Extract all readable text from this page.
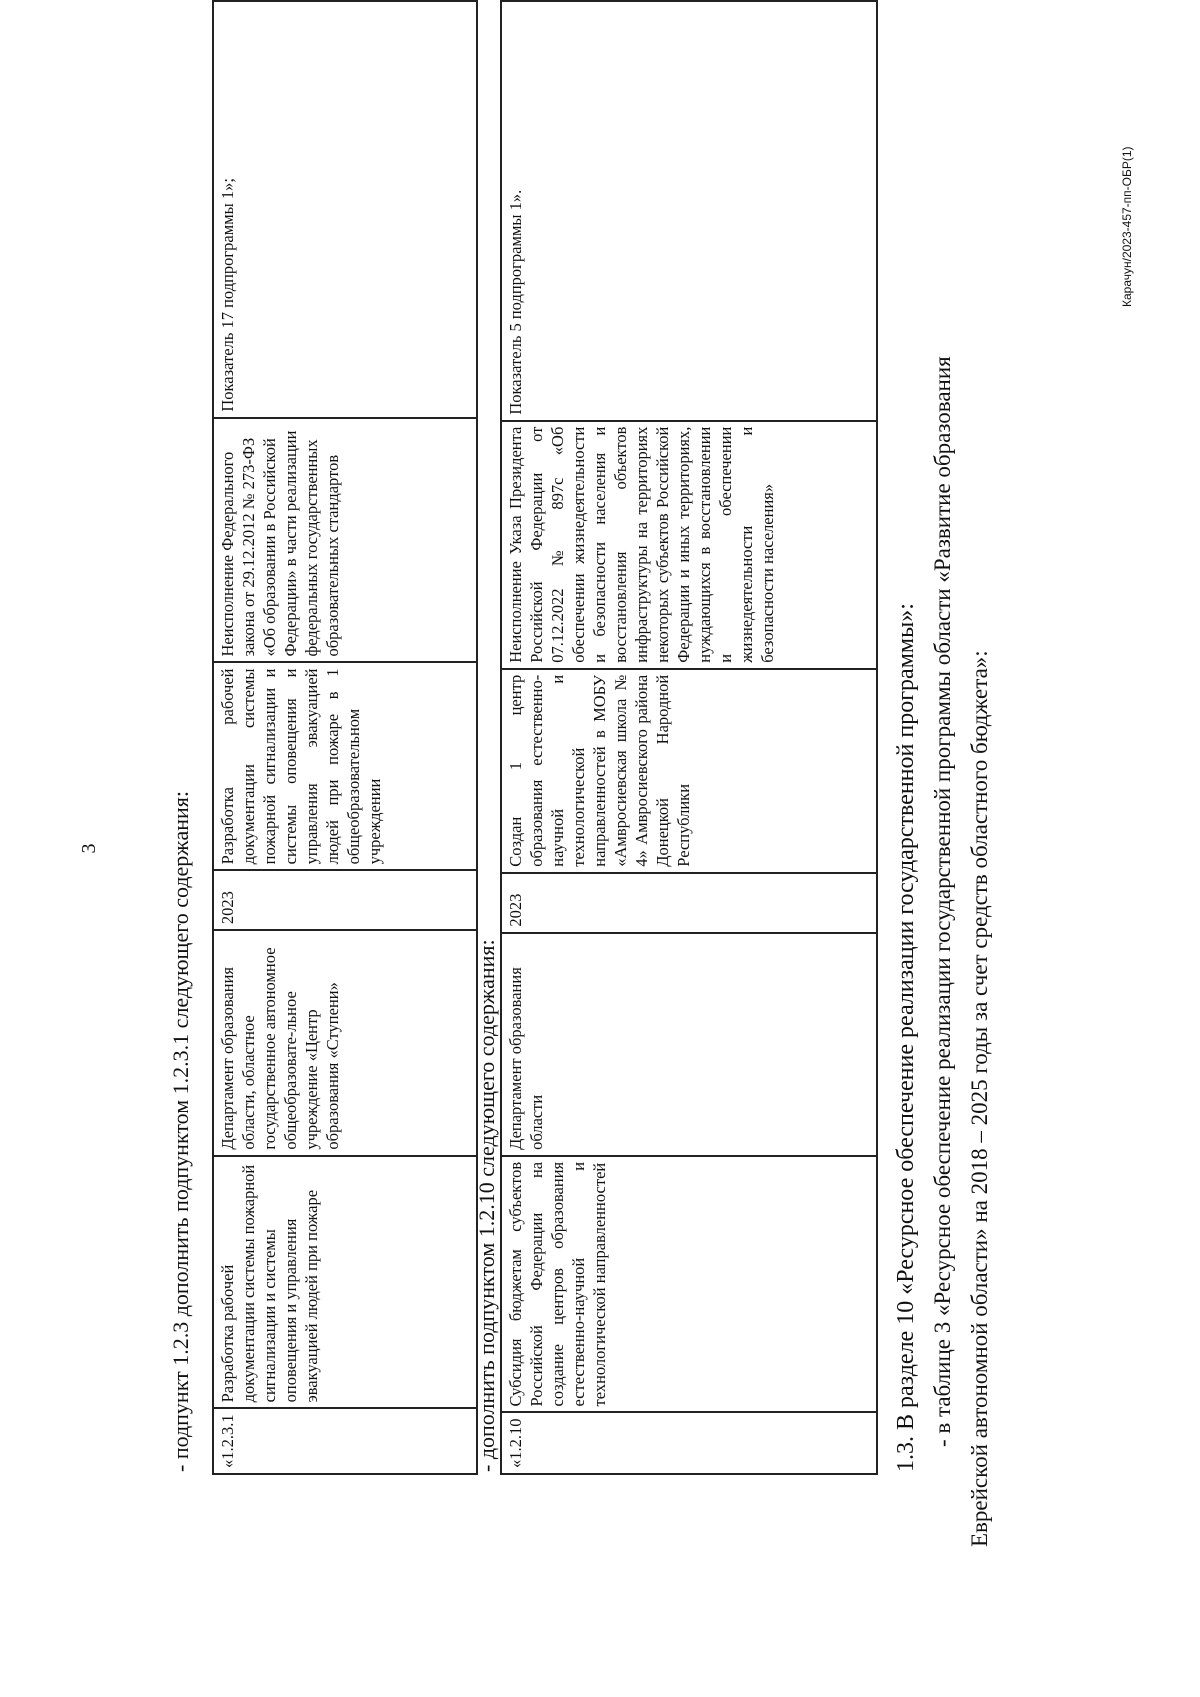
3	- подпункт 1.2.3 дополнить подпунктом 1.2.3.1 следующего содержания: «1.2.3.1	Разработка рабочей документации системы пожарной сигнализации и системы оповещения и управления эвакуацией людей при пожаре	Департамент образования области, областное государственное автономное общеобразовате-льное учреждение «Центр образования «Ступени»	2023	Разработка рабочей документации системы пожарной сигнализации и системы оповещения и управления эвакуацией людей при пожаре в 1 общеобразовательном учреждении	Неисполнение Федерального закона от 29.12.2012 № 273-ФЗ «Об образовании в Российской Федерации» в части реализации федеральных государственных образовательных стандартов	Показатель 17 подпрограммы 1»;
- дополнить подпунктом 1.2.10 следующего содержания: «1.2.10	Субсидия бюджетам субъектов Российской Федерации на создание центров образования естественно-научной и технологической направленностей	Департамент образования области	2023	Создан 1 центр образования естественно-научной и технологической направленностей в МОБУ «Амвросиевская школа № 4» Амвросиевского района Донецкой Народной Республики	Неисполнение Указа Президента Российской Федерации от 07.12.2022 № 897с «Об обеспечении жизнедеятельности и безопасности населения и восстановления объектов инфраструктуры на территориях некоторых субъектов Российской Федерации и иных территориях, нуждающихся в восстановлении и обеспечении жизнедеятельности и безопасности населения»	Показатель 5 подпрограммы 1».
1.3. В разделе 10 «Ресурсное обеспечение реализации государственной программы»: - в таблице 3 «Ресурсное обеспечение реализации государственной программы области «Развитие образования Еврейской автономной области» на 2018 – 2025 годы за счет средств областного бюджета»:
Карачун/2023-457-пп-ОБР(1)
